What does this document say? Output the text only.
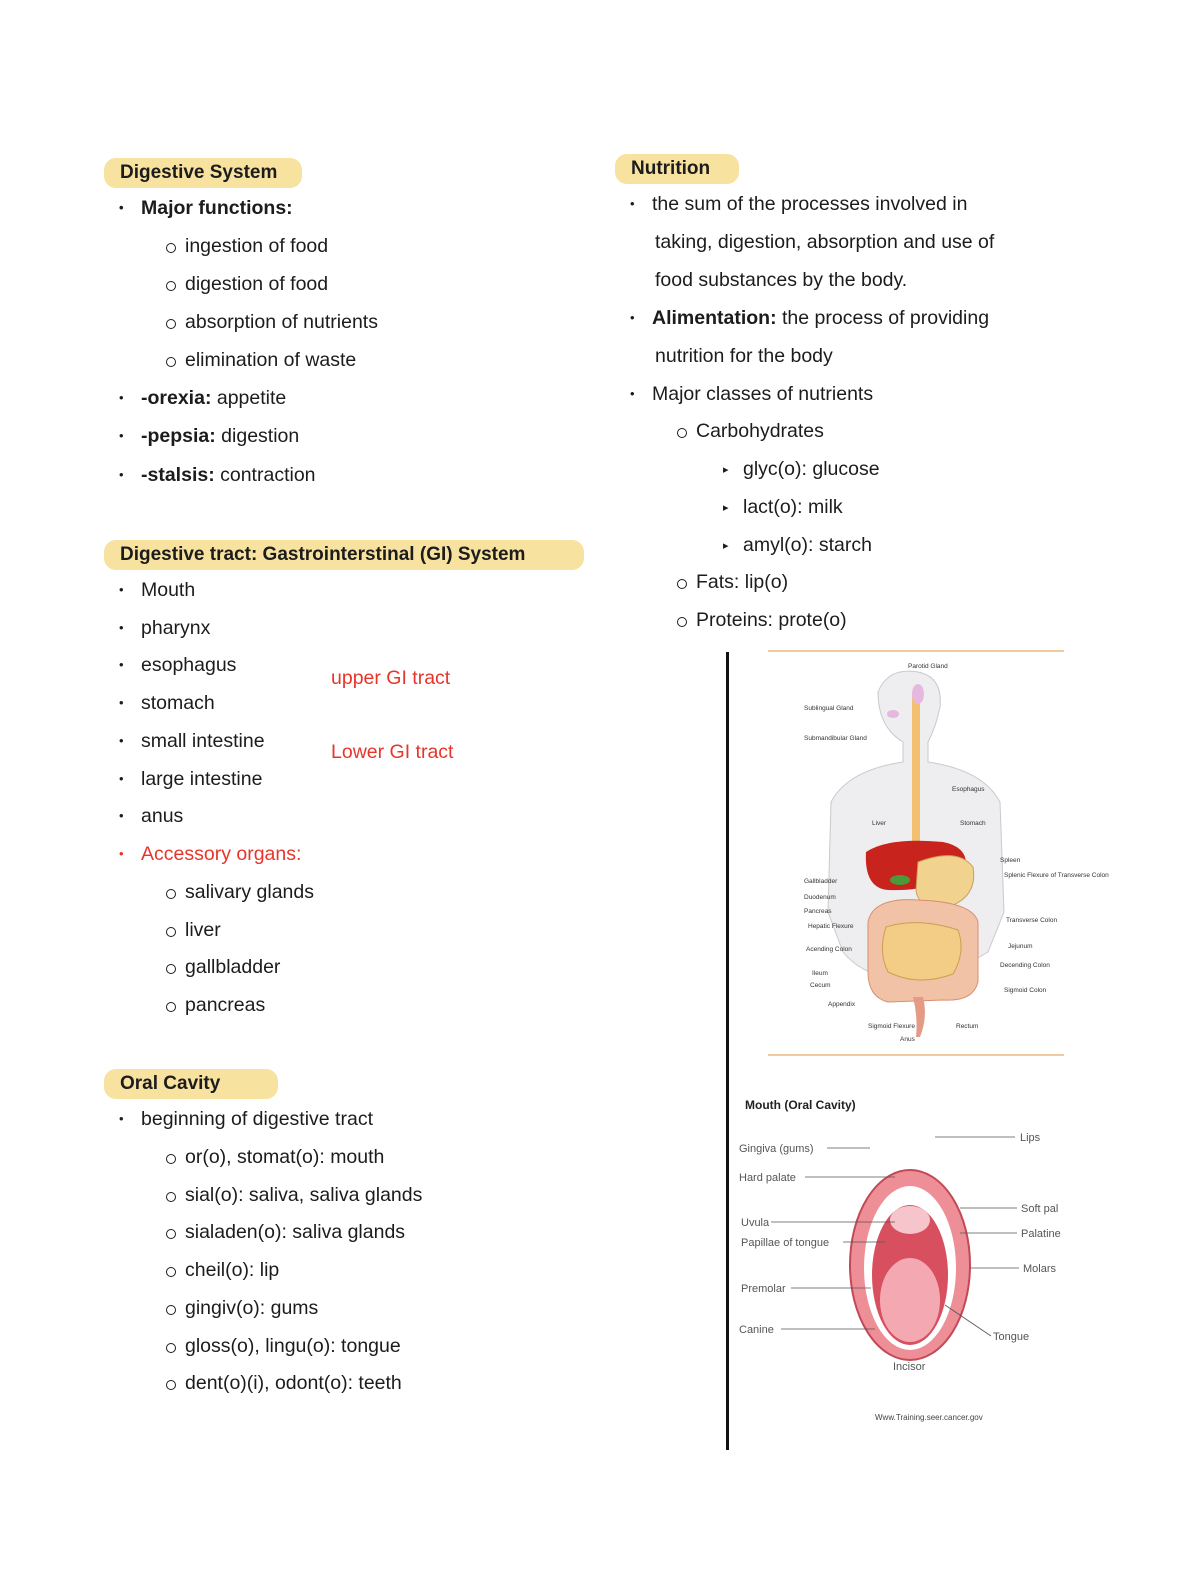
Digestive System
• Major functions:
ingestion of food
digestion of food
absorption of nutrients
elimination of waste
• -orexia: appetite
• -pepsia: digestion
• -stalsis: contraction
Digestive tract: Gastrointerstinal (GI) System
• Mouth
• pharynx
• esophagus
• stomach
• small intestine
• large intestine
• anus
• Accessory organs:
salivary glands
liver
gallbladder
pancreas
upper GI tract
Lower GI tract
Oral Cavity
• beginning of digestive tract
or(o), stomat(o): mouth
sial(o): saliva, saliva glands
sialaden(o): saliva glands
cheil(o): lip
gingiv(o): gums
gloss(o), lingu(o): tongue
dent(o)(i), odont(o): teeth
Nutrition
• the sum of the processes involved in
taking, digestion, absorption and use of
food substances by the body.
• Alimentation: the process of providing
nutrition for the body
• Major classes of nutrients
Carbohydrates
▸ glyc(o): glucose
▸ lact(o): milk
▸ amyl(o): starch
Fats: lip(o)
Proteins: prote(o)
Parotid Gland
Sublingual Gland
Submandibular Gland
Esophagus
Liver	Stomach
Spleen
Splenic Flexure of Transverse Colon
Gallbladder
Duodenum
Pancreas
Hepatic Flexure
Transverse Colon
Acending Colon	Jejunum
Ileum
Cecum
Decending Colon
Sigmoid Colon
Appendix
Sigmoid Flexure	Rectum
Anus
Mouth (Oral Cavity)
Gingiva (gums)
Hard palate
Uvula
Papillae of tongue
Premolar
Canine
Incisor
Lips
Soft pal
Palatine
Molars
Tongue
Www.Training.seer.cancer.gov
